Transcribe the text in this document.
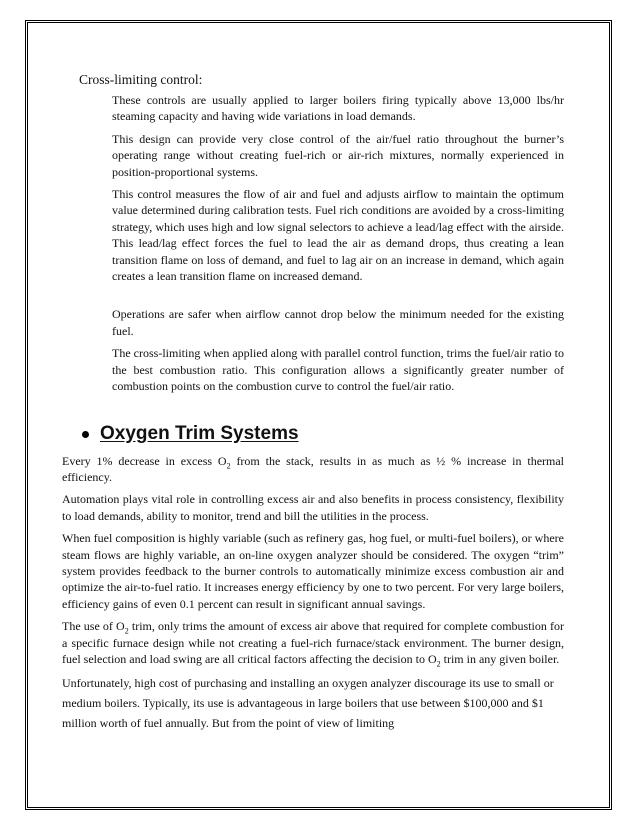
Cross-limiting control:

These controls are usually applied to larger boilers firing typically above 13,000 lbs/hr steaming capacity and having wide variations in load demands.

This design can provide very close control of the air/fuel ratio throughout the burner’s operating range without creating fuel-rich or air-rich mixtures, normally experienced in position-proportional systems.

This control measures the flow of air and fuel and adjusts airflow to maintain the optimum value determined during calibration tests. Fuel rich conditions are avoided by a cross-limiting strategy, which uses high and low signal selectors to achieve a lead/lag effect with the airside. This lead/lag effect forces the fuel to lead the air as demand drops, thus creating a lean transition flame on loss of demand, and fuel to lag air on an increase in demand, which again creates a lean transition flame on increased demand.

Operations are safer when airflow cannot drop below the minimum needed for the existing fuel.

The cross-limiting when applied along with parallel control function, trims the fuel/air ratio to the best combustion ratio. This configuration allows a significantly greater number of combustion points on the combustion curve to control the fuel/air ratio.

Oxygen Trim Systems

Every 1% decrease in excess $O_2$ from the stack, results in as much as ½ % increase in thermal efficiency.

Automation plays vital role in controlling excess air and also benefits in process consistency, flexibility to load demands, ability to monitor, trend and bill the utilities in the process.

When fuel composition is highly variable (such as refinery gas, hog fuel, or multi-fuel boilers), or where steam flows are highly variable, an on-line oxygen analyzer should be considered. The oxygen “trim” system provides feedback to the burner controls to automatically minimize excess combustion air and optimize the air-to-fuel ratio. It increases energy efficiency by one to two percent. For very large boilers, efficiency gains of even 0.1 percent can result in significant annual savings.

The use of $O_2$ trim, only trims the amount of excess air above that required for complete combustion for a specific furnace design while not creating a fuel-rich furnace/stack environment. The burner design, fuel selection and load swing are all critical factors affecting the decision to $O_2$ trim in any given boiler.

Unfortunately, high cost of purchasing and installing an oxygen analyzer discourage its use to small or medium boilers. Typically, its use is advantageous in large boilers that use between $100,000 and $1 million worth of fuel annually. But from the point of view of limiting
